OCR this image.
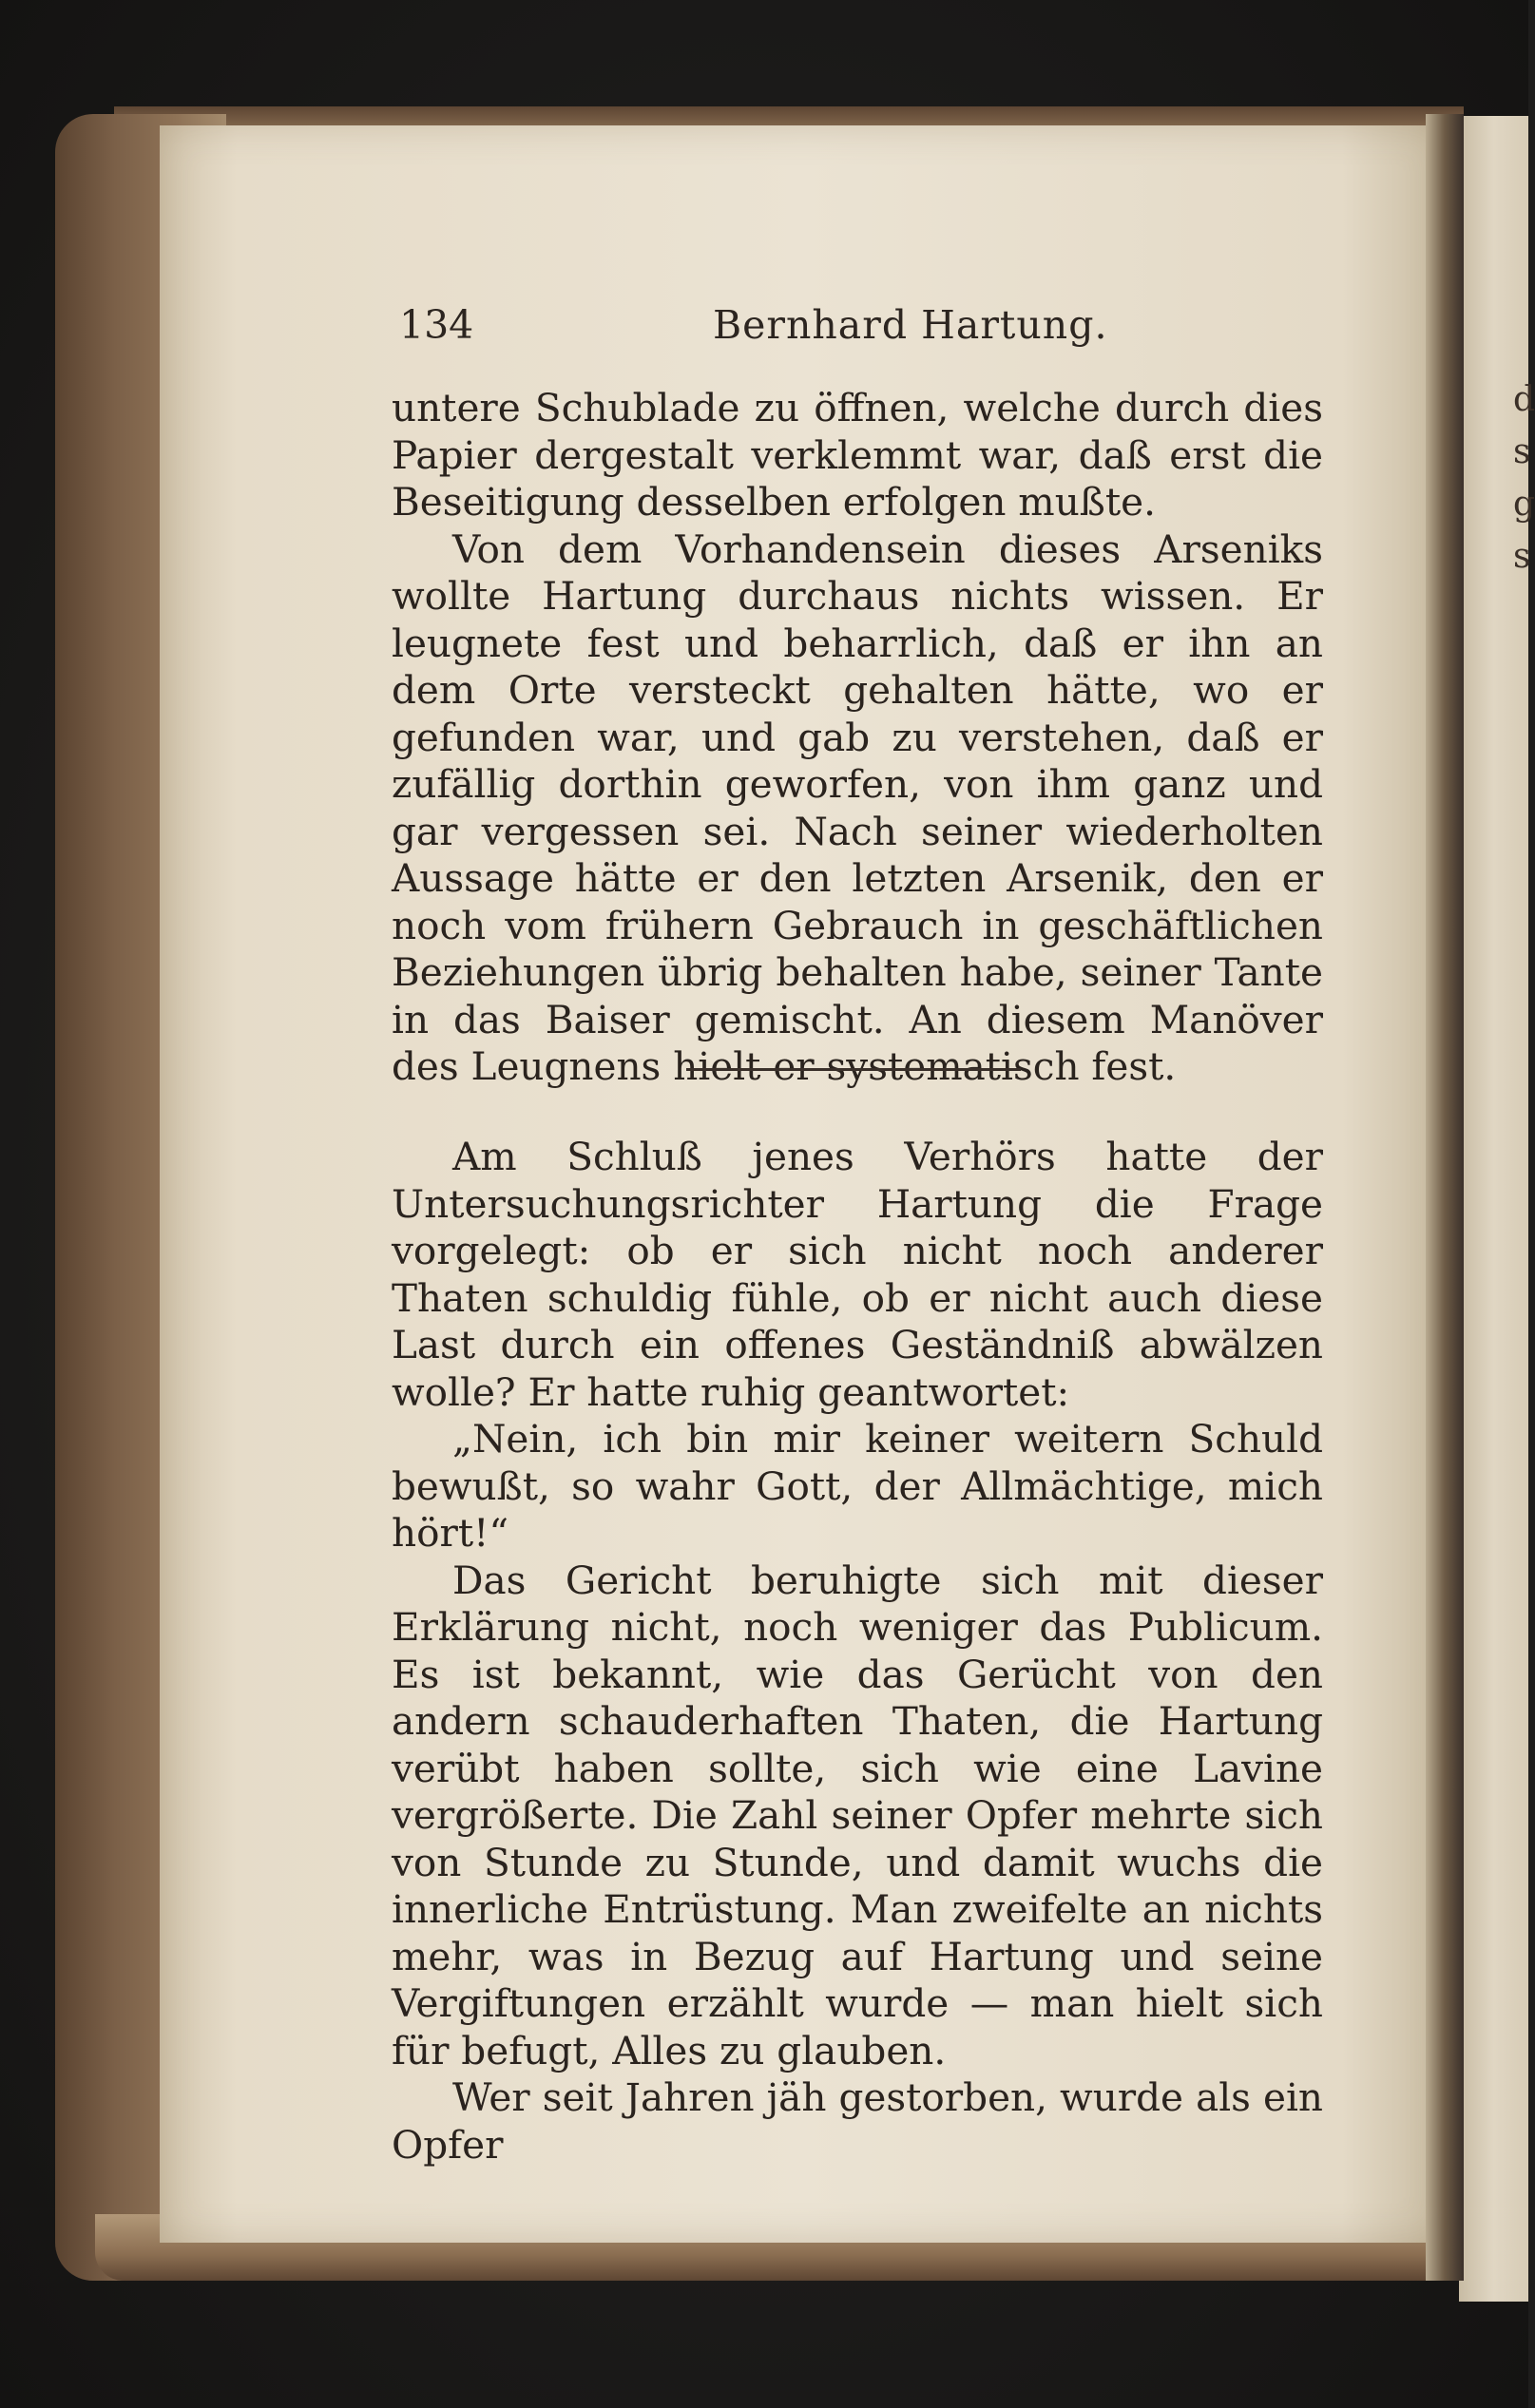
d
s
g
s
134	Bernhard Hartung.

untere Schublade zu öffnen, welche durch dies Papier dergestalt verklemmt war, daß erst die Beseitigung desselben erfolgen mußte.

Von dem Vorhandensein dieses Arseniks wollte Hartung durchaus nichts wissen. Er leugnete fest und beharrlich, daß er ihn an dem Orte versteckt gehalten hätte, wo er gefunden war, und gab zu verstehen, daß er zufällig dorthin geworfen, von ihm ganz und gar vergessen sei. Nach seiner wiederholten Aussage hätte er den letzten Arsenik, den er noch vom frühern Gebrauch in geschäftlichen Beziehungen übrig behalten habe, seiner Tante in das Baiser gemischt. An diesem Manöver des Leugnens hielt er systematisch fest.

Am Schluß jenes Verhörs hatte der Untersuchungsrichter Hartung die Frage vorgelegt: ob er sich nicht noch anderer Thaten schuldig fühle, ob er nicht auch diese Last durch ein offenes Geständniß abwälzen wolle? Er hatte ruhig geantwortet:

„Nein, ich bin mir keiner weitern Schuld bewußt, so wahr Gott, der Allmächtige, mich hört!“

Das Gericht beruhigte sich mit dieser Erklärung nicht, noch weniger das Publicum. Es ist bekannt, wie das Gerücht von den andern schauderhaften Thaten, die Hartung verübt haben sollte, sich wie eine Lavine vergrößerte. Die Zahl seiner Opfer mehrte sich von Stunde zu Stunde, und damit wuchs die innerliche Entrüstung. Man zweifelte an nichts mehr, was in Bezug auf Hartung und seine Vergiftungen erzählt wurde — man hielt sich für befugt, Alles zu glauben.

Wer seit Jahren jäh gestorben, wurde als ein Opfer
